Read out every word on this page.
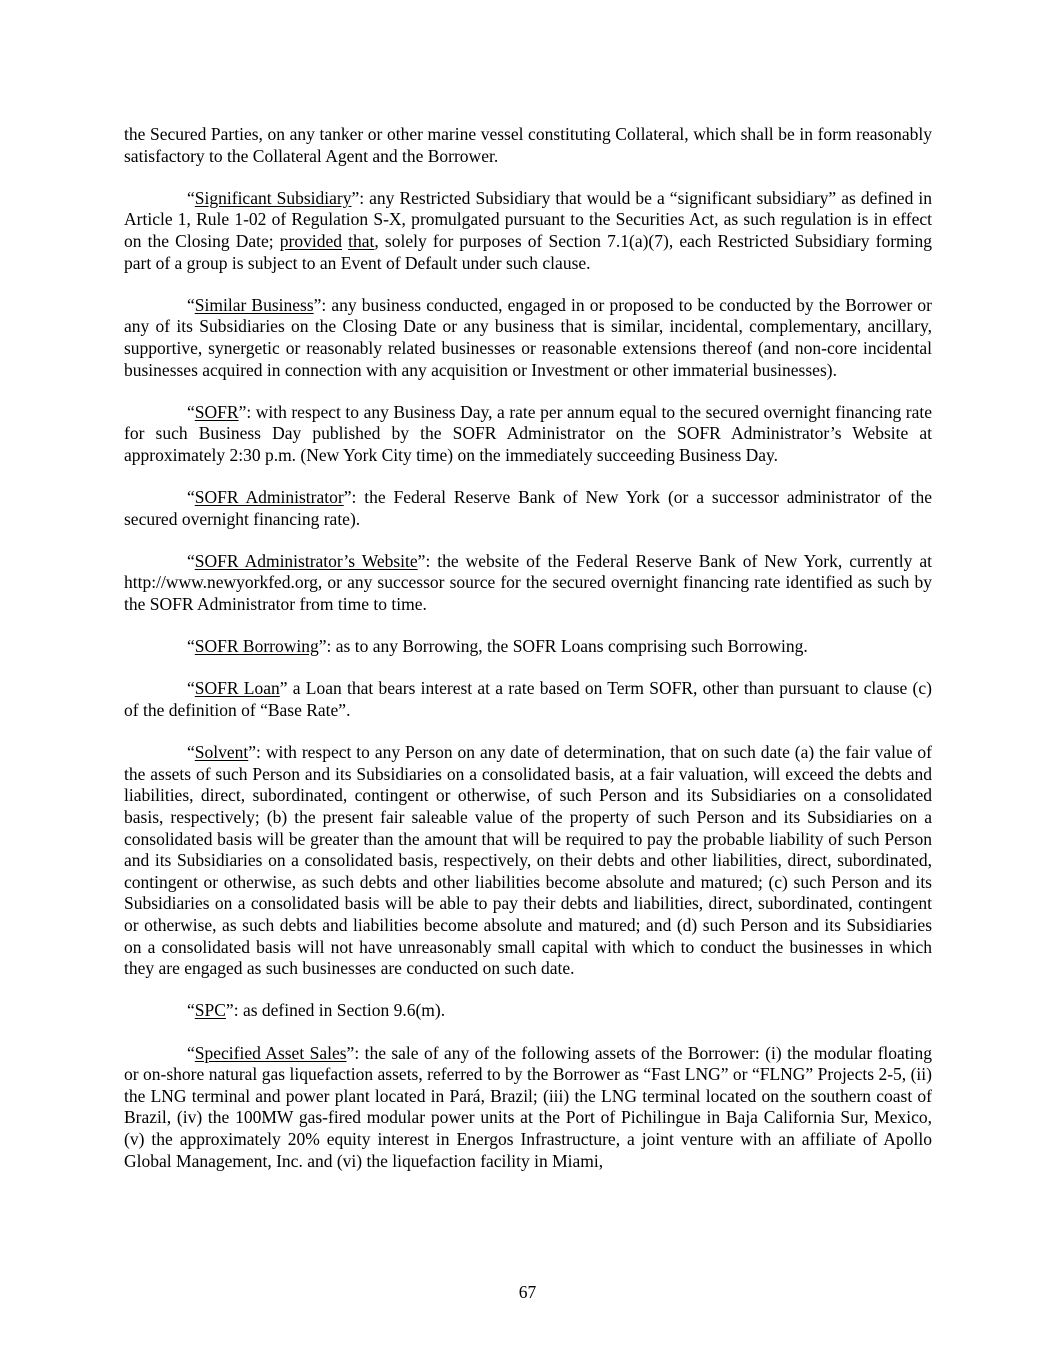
the Secured Parties, on any tanker or other marine vessel constituting Collateral, which shall be in form reasonably satisfactory to the Collateral Agent and the Borrower.

“Significant Subsidiary”: any Restricted Subsidiary that would be a “significant subsidiary” as defined in Article 1, Rule 1-02 of Regulation S-X, promulgated pursuant to the Securities Act, as such regulation is in effect on the Closing Date; provided that, solely for purposes of Section 7.1(a)(7), each Restricted Subsidiary forming part of a group is subject to an Event of Default under such clause.

“Similar Business”: any business conducted, engaged in or proposed to be conducted by the Borrower or any of its Subsidiaries on the Closing Date or any business that is similar, incidental, complementary, ancillary, supportive, synergetic or reasonably related businesses or reasonable extensions thereof (and non-core incidental businesses acquired in connection with any acquisition or Investment or other immaterial businesses).

“SOFR”: with respect to any Business Day, a rate per annum equal to the secured overnight financing rate for such Business Day published by the SOFR Administrator on the SOFR Administrator’s Website at approximately 2:30 p.m. (New York City time) on the immediately succeeding Business Day.

“SOFR Administrator”: the Federal Reserve Bank of New York (or a successor administrator of the secured overnight financing rate).

“SOFR Administrator’s Website”: the website of the Federal Reserve Bank of New York, currently at http://www.newyorkfed.org, or any successor source for the secured overnight financing rate identified as such by the SOFR Administrator from time to time.

“SOFR Borrowing”: as to any Borrowing, the SOFR Loans comprising such Borrowing.

“SOFR Loan” a Loan that bears interest at a rate based on Term SOFR, other than pursuant to clause (c) of the definition of “Base Rate”.

“Solvent”: with respect to any Person on any date of determination, that on such date (a) the fair value of the assets of such Person and its Subsidiaries on a consolidated basis, at a fair valuation, will exceed the debts and liabilities, direct, subordinated, contingent or otherwise, of such Person and its Subsidiaries on a consolidated basis, respectively; (b) the present fair saleable value of the property of such Person and its Subsidiaries on a consolidated basis will be greater than the amount that will be required to pay the probable liability of such Person and its Subsidiaries on a consolidated basis, respectively, on their debts and other liabilities, direct, subordinated, contingent or otherwise, as such debts and other liabilities become absolute and matured; (c) such Person and its Subsidiaries on a consolidated basis will be able to pay their debts and liabilities, direct, subordinated, contingent or otherwise, as such debts and liabilities become absolute and matured; and (d) such Person and its Subsidiaries on a consolidated basis will not have unreasonably small capital with which to conduct the businesses in which they are engaged as such businesses are conducted on such date.

“SPC”: as defined in Section 9.6(m).

“Specified Asset Sales”: the sale of any of the following assets of the Borrower: (i) the modular floating or on-shore natural gas liquefaction assets, referred to by the Borrower as “Fast LNG” or “FLNG” Projects 2-5, (ii) the LNG terminal and power plant located in Pará, Brazil; (iii) the LNG terminal located on the southern coast of Brazil, (iv) the 100MW gas-fired modular power units at the Port of Pichilingue in Baja California Sur, Mexico, (v) the approximately 20% equity interest in Energos Infrastructure, a joint venture with an affiliate of Apollo Global Management, Inc. and (vi) the liquefaction facility in Miami,

67
